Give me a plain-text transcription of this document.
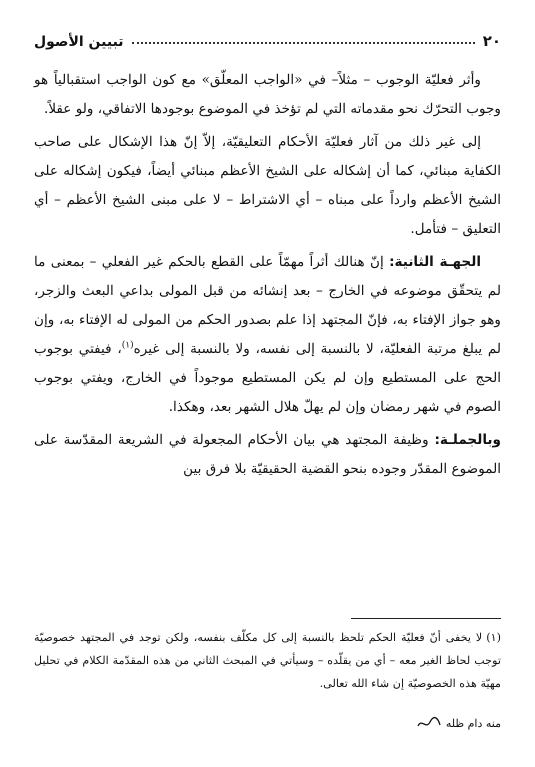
٢٠
تبيين الأصول

وأثر فعليّة الوجوب – مثلاً– في «الواجب المعلّق» مع كون الواجب استقبالياً هو وجوب التحرّك نحو مقدماته التي لم تؤخذ في الموضوع بوجودها الاتفاقي، ولو عقلاً.

إلى غير ذلك من آثار فعليّة الأحكام التعليقيّة، إلاّ إنّ هذا الإشكال على صاحب الكفاية مبنائي، كما أن إشكاله على الشيخ الأعظم مبنائي أيضاً، فيكون إشكاله على الشيخ الأعظم وارداً على مبناه – أي الاشتراط – لا على مبنى الشيخ الأعظم – أي التعليق – فتأمل.

الجهـة الثانية: إنّ هنالك أثراً مهمّاً على القطع بالحكم غير الفعلي – بمعنى ما لم يتحقّق موضوعه في الخارج – بعد إنشائه من قبل المولى بداعي البعث والزجر، وهو جواز الإفتاء به، فإنّ المجتهد إذا علم بصدور الحكم من المولى له الإفتاء به، وإن لم يبلغ مرتبة الفعليّة، لا بالنسبة إلى نفسه، ولا بالنسبة إلى غيره$^{(١)}$، فيفتي بوجوب الحج على المستطيع وإن لم يكن المستطيع موجوداً في الخارج، ويفتي بوجوب الصوم في شهر رمضان وإن لم يهلّ هلال الشهر بعد، وهكذا.

وبالجملـة: وظيفة المجتهد هي بيان الأحكام المجعولة في الشريعة المقدّسة على الموضوع المقدّر وجوده بنحو القضية الحقيقيّة بلا فرق بين

(١)لا يخفى أنّ فعليّة الحكم تلحظ بالنسبة إلى كل مكلّف بنفسه، ولكن توجد في المجتهد خصوصيّة توجب لحاظ الغير معه – أي من يقلّده – وسيأتي في المبحث الثاني من هذه المقدّمة الكلام في تحليل مهيّة هذه الخصوصيّة إن شاء الله تعالى.
منه دام ظله
